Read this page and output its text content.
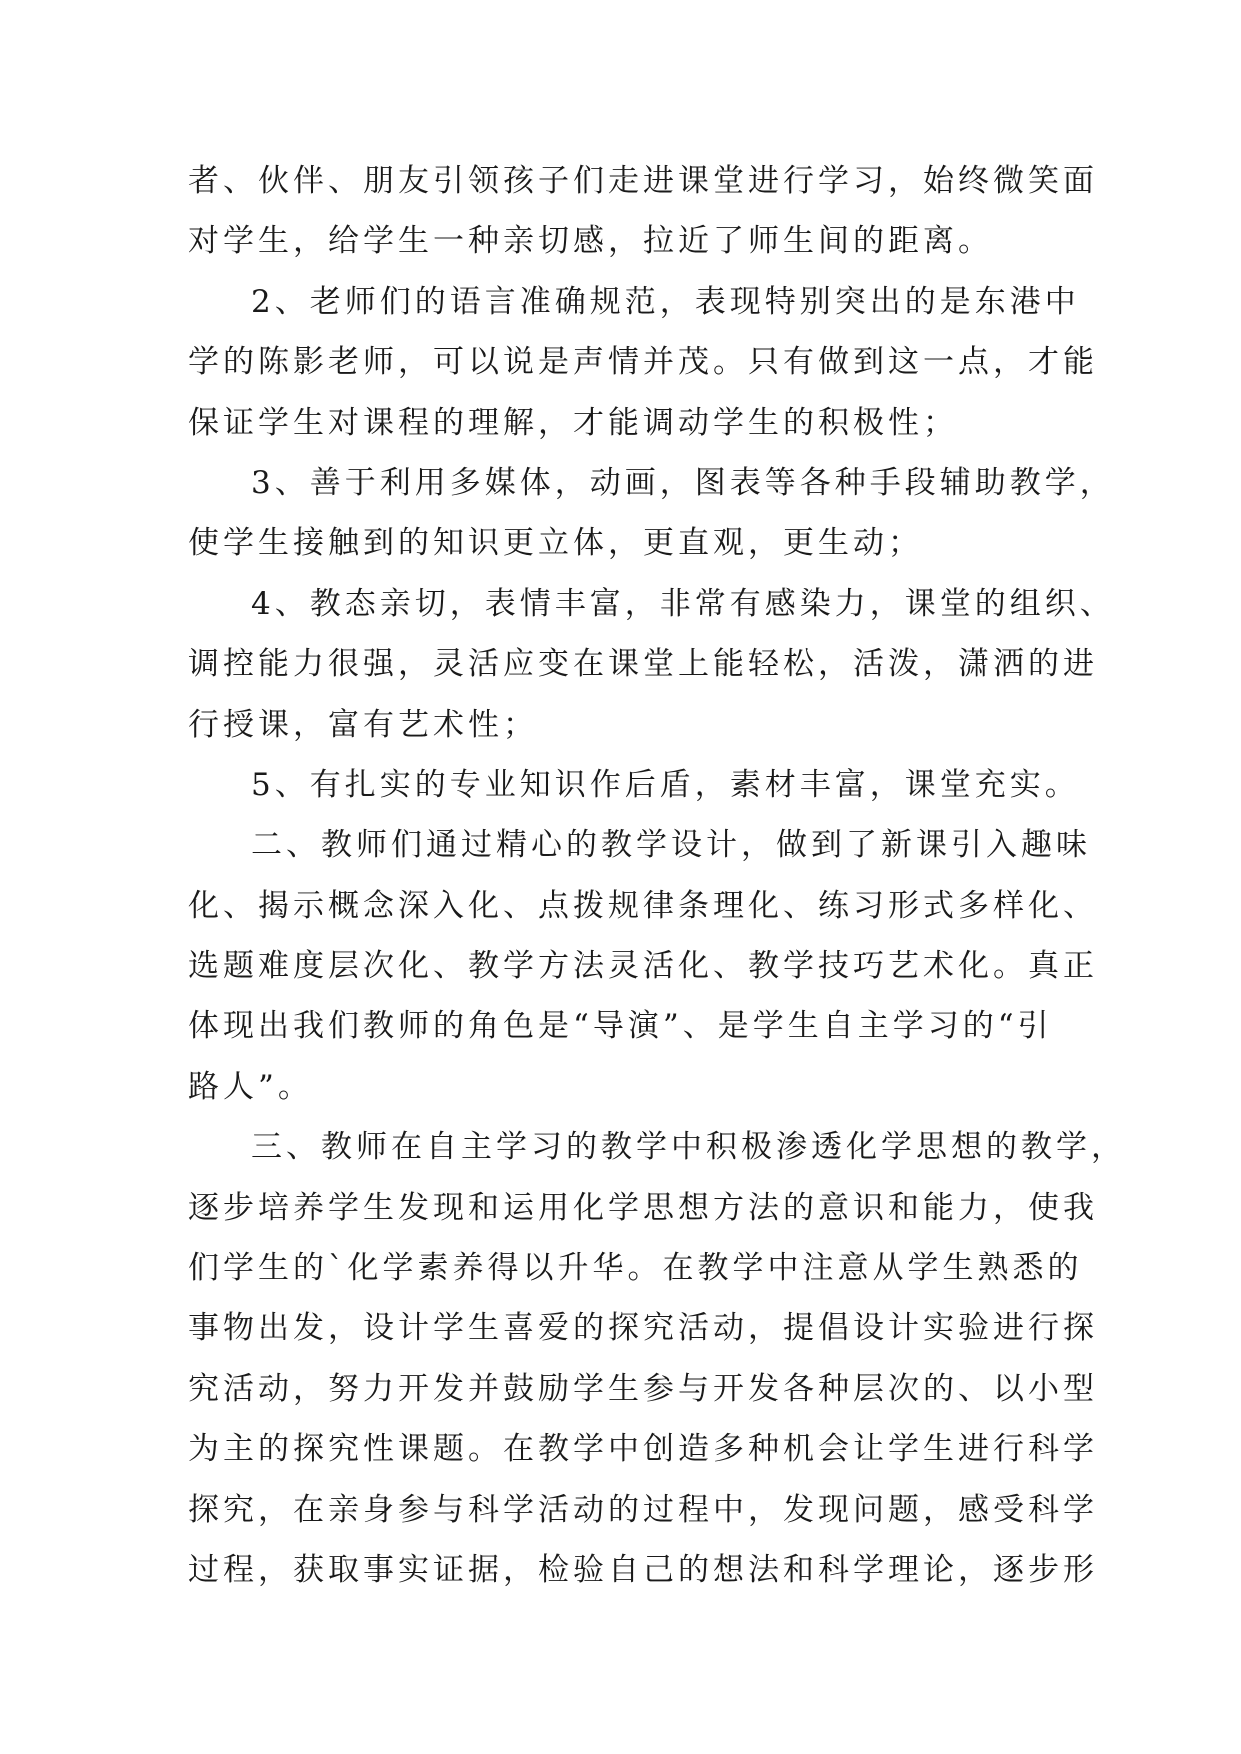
者、伙伴、朋友引领孩子们走进课堂进行学习，始终微笑面
对学生，给学生一种亲切感，拉近了师生间的距离。
2、老师们的语言准确规范，表现特别突出的是东港中
学的陈影老师，可以说是声情并茂。只有做到这一点，才能
保证学生对课程的理解，才能调动学生的积极性；
3、善于利用多媒体，动画，图表等各种手段辅助教学，
使学生接触到的知识更立体，更直观，更生动；
4、教态亲切，表情丰富，非常有感染力，课堂的组织、
调控能力很强，灵活应变在课堂上能轻松，活泼，潇洒的进
行授课，富有艺术性；
5、有扎实的专业知识作后盾，素材丰富，课堂充实。
二、教师们通过精心的教学设计，做到了新课引入趣味
化、揭示概念深入化、点拨规律条理化、练习形式多样化、
选题难度层次化、教学方法灵活化、教学技巧艺术化。真正
体现出我们教师的角色是“导演”、是学生自主学习的“引
路人”。
三、教师在自主学习的教学中积极渗透化学思想的教学，
逐步培养学生发现和运用化学思想方法的意识和能力，使我
们学生的`化学素养得以升华。在教学中注意从学生熟悉的
事物出发，设计学生喜爱的探究活动，提倡设计实验进行探
究活动，努力开发并鼓励学生参与开发各种层次的、以小型
为主的探究性课题。在教学中创造多种机会让学生进行科学
探究，在亲身参与科学活动的过程中，发现问题，感受科学
过程，获取事实证据，检验自己的想法和科学理论，逐步形
